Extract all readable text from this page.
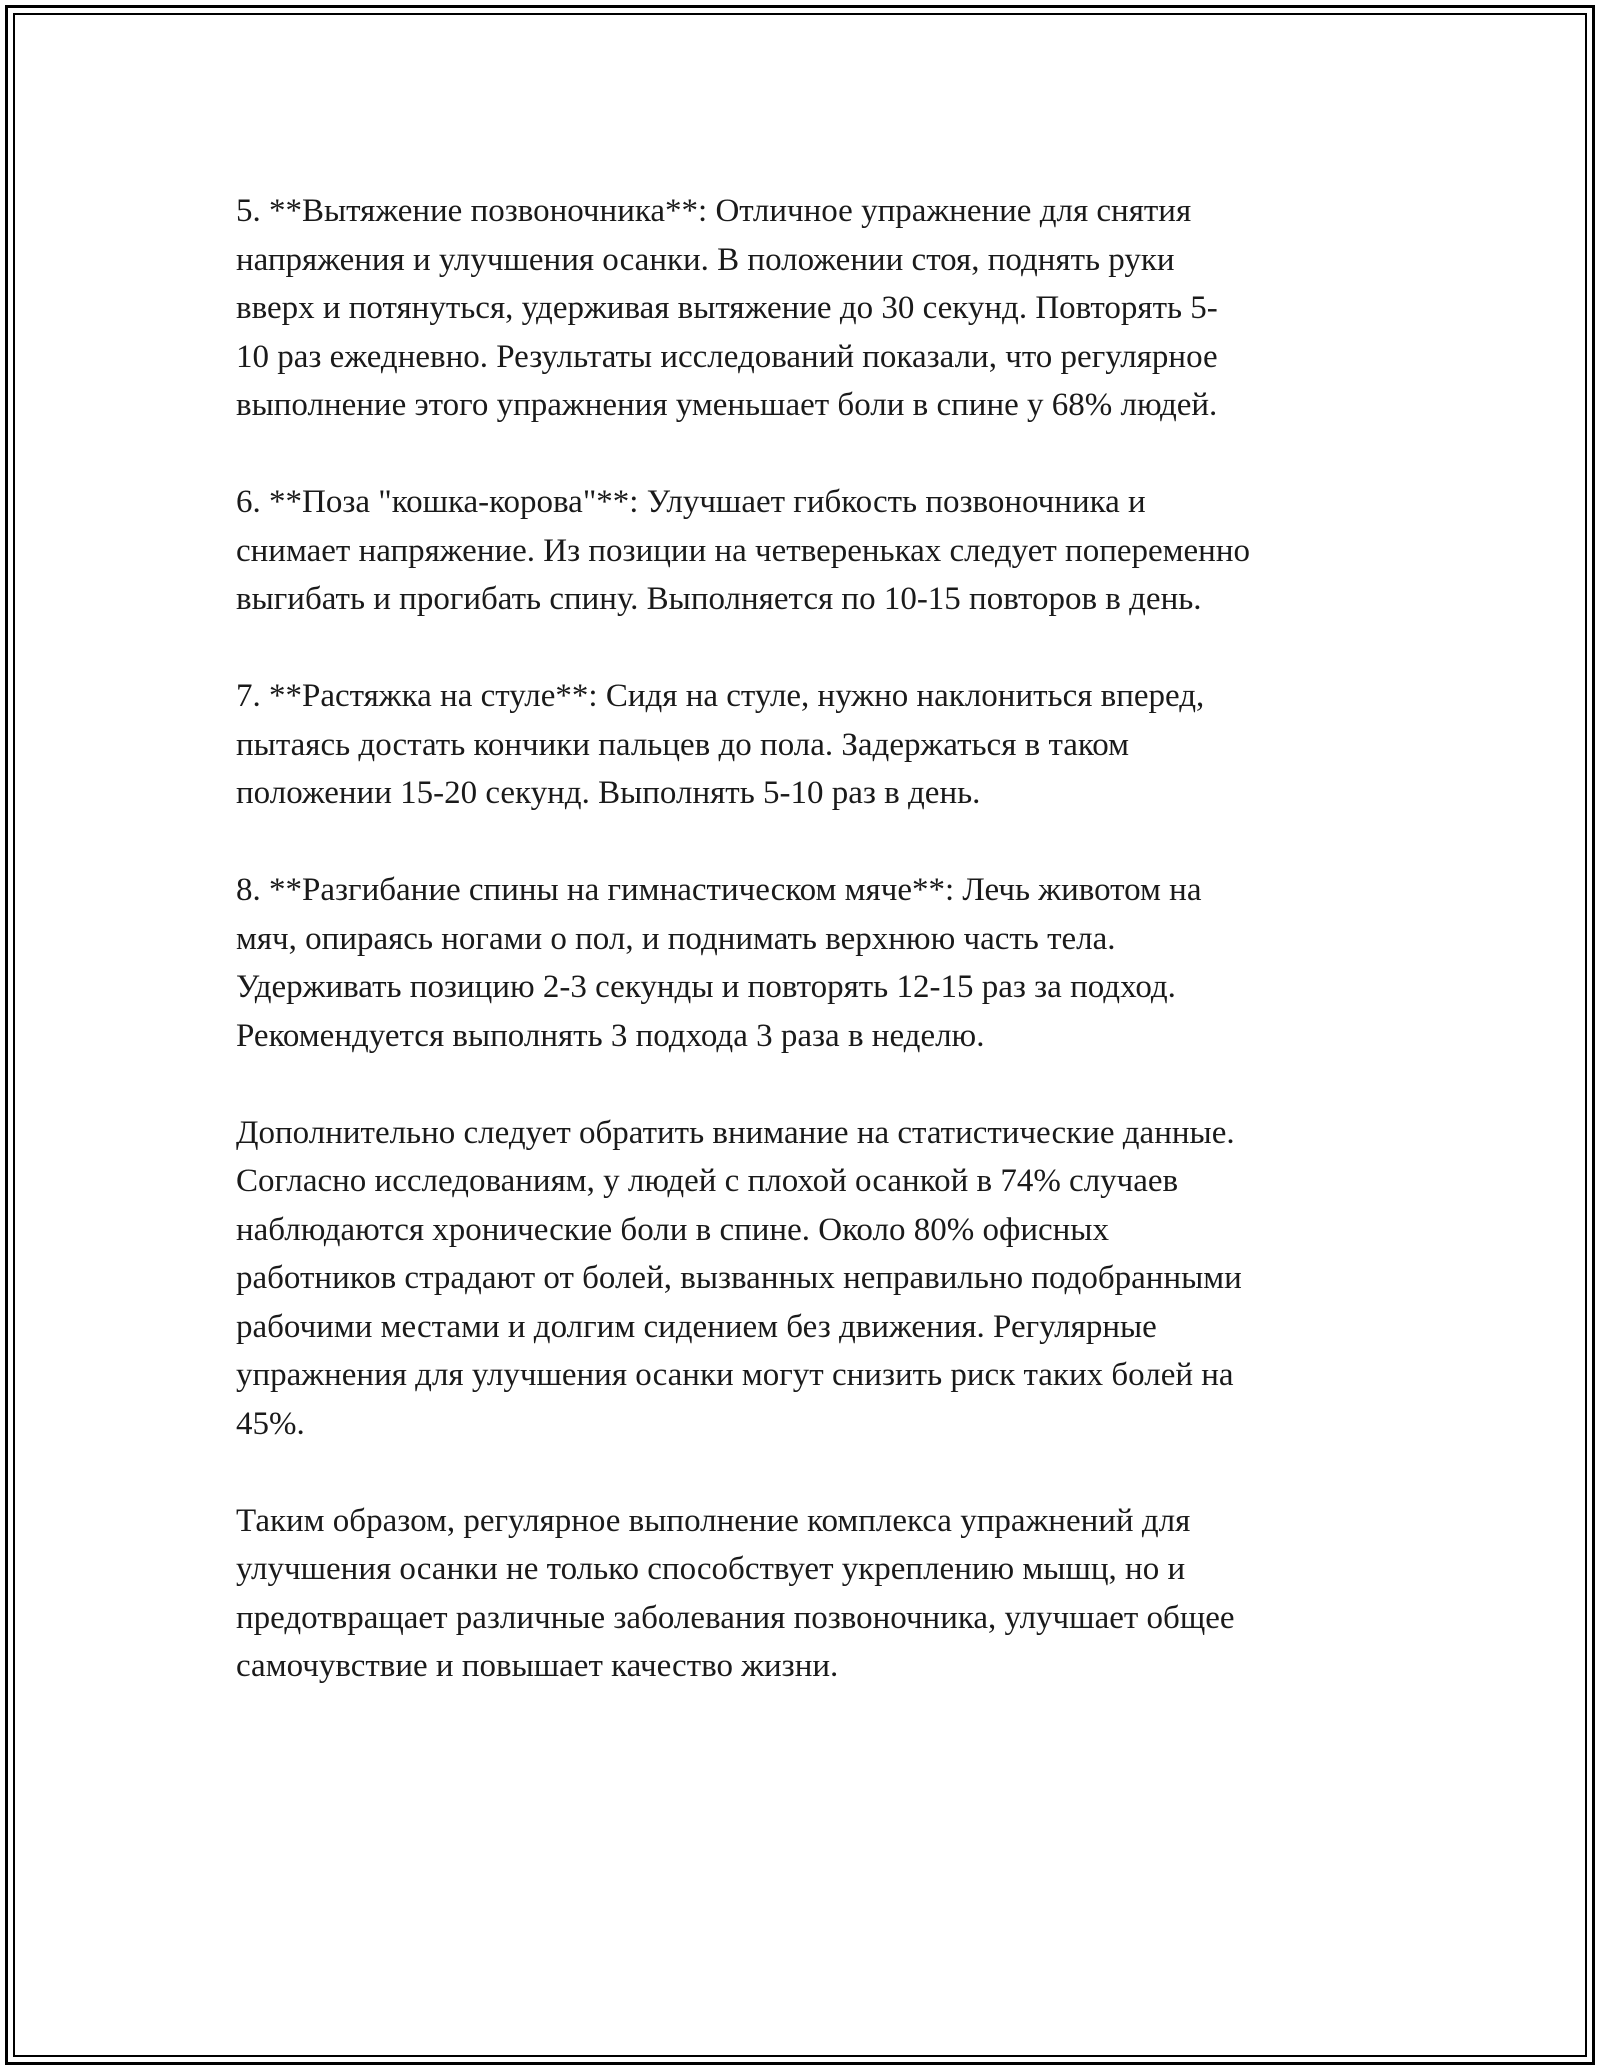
5. **Вытяжение позвоночника**: Отличное упражнение для снятия
напряжения и улучшения осанки. В положении стоя, поднять руки
вверх и потянуться, удерживая вытяжение до 30 секунд. Повторять 5-
10 раз ежедневно. Результаты исследований показали, что регулярное
выполнение этого упражнения уменьшает боли в спине у 68% людей.

6. **Поза "кошка-корова"**: Улучшает гибкость позвоночника и
снимает напряжение. Из позиции на четвереньках следует попеременно
выгибать и прогибать спину. Выполняется по 10-15 повторов в день.

7. **Растяжка на стуле**: Сидя на стуле, нужно наклониться вперед,
пытаясь достать кончики пальцев до пола. Задержаться в таком
положении 15-20 секунд. Выполнять 5-10 раз в день.

8. **Разгибание спины на гимнастическом мяче**: Лечь животом на
мяч, опираясь ногами о пол, и поднимать верхнюю часть тела.
Удерживать позицию 2-3 секунды и повторять 12-15 раз за подход.
Рекомендуется выполнять 3 подхода 3 раза в неделю.

Дополнительно следует обратить внимание на статистические данные.
Согласно исследованиям, у людей с плохой осанкой в 74% случаев
наблюдаются хронические боли в спине. Около 80% офисных
работников страдают от болей, вызванных неправильно подобранными
рабочими местами и долгим сидением без движения. Регулярные
упражнения для улучшения осанки могут снизить риск таких болей на
45%.

Таким образом, регулярное выполнение комплекса упражнений для
улучшения осанки не только способствует укреплению мышц, но и
предотвращает различные заболевания позвоночника, улучшает общее
самочувствие и повышает качество жизни.
